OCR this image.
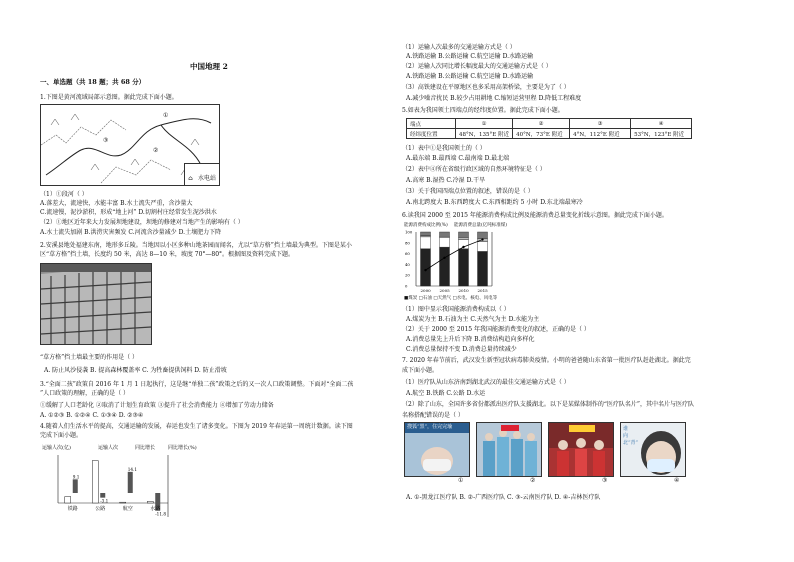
中国地理 2
一、单选题（共 18 题；共 68 分）
1.下图是黄河流域局部示意图。据此完成下面小题。
①
②
③
⌂ 水电站
（1）①段河（ ）
A.落差大，流速快，水能丰富 B.水土流失严重，含沙量大
C.流速慢，泥沙淤积，形成“地上河” D.切割村庄经常发生泥沙洪水
（2）①地区近年来大力发展坝地建设，坝地的修建对当地产生的影响有（ ）
A.水土流失加剧 B.洪涝灾害频发 C.河流含沙量减少 D.土壤肥力下降
2.安溪县地处福建东南，地形多丘陵。当地因以小区多种山地茶园而闻名，尤以“草方格”挡土墙最为典型。下图是某小
区“草方格”挡土墙，长度约 50 米，高达 8—10 米，坡度 70°—80°。根据图及资料完成下题。
“草方格”挡土墙最主要的作用是（ ）
A. 防止风沙侵袭 B. 提高森林覆盖率 C. 为牲畜提供饲料 D. 防止滑坡
3.“全面二孩”政策自 2016 年 1 月 1 日起执行，这是继“单独二孩”政策之后的又一次人口政策调整。下面对“全面二孩
”人口政策的理解，正确的是（ ）
①缓解了人口老龄化 ②取消了计划生育政策 ③提升了社会消费能力 ④增加了劳动力储备
A. ①②③ B. ①②④ C. ①③④ D. ②③④
4.随着人们生活水平的提高，交通运输的发展，春运也发生了诸多变化。下图为 2019 年春运第一周统计数据。读下图
完成下面小题。
运输人次(亿)	运输人次	同比增长	同比增长(%)
铁路
9.1
公路
-3.1
航空
14.1
水路
-11.8
（1）运输人次最多的交通运输方式是（ ）
A.铁路运输 B.公路运输 C.航空运输 D.水路运输
（2）运输人次同比增长幅度最大的交通运输方式是（ ）
A.铁路运输 B.公路运输 C.航空运输 D.水路运输
（3）高铁建设在平原地区也多采用高架桥梁，主要是为了（ ）
A.减少噪音扰民 B.较少占用耕地 C.缩短运营里程 D.降低工程难度
5.如表为我国领土四端点的经纬度位置。据此完成下面小题。
端点	①	②	③	④
经纬度位置	48°N，135°E 附近	40°N，73°E 附近	4°N，112°E 附近	53°N，123°E 附近
（1）表中①是我国领土的（ ）
A.最东端 B.最西端 C.最南端 D.最北端
（2）表中④所在省级行政区域的自然环境特征是（ ）
A.高寒 B.湿热 C.冷湿 D.干旱
（3）关于我国四端点位置的叙述，错误的是（ ）
A.南北跨度大 B.东西跨度大 C.东西相距约 5 小时 D.东北端最寒冷
6.读我国 2000 至 2015 年能源消费构成比例及能源消费总量变化折线示意图。据此完成下面小题。
能源消费构成比例(%) 能源消费总量(亿吨标准煤)
0
20
40
60
80
100
2000 2005 2010 2015
■煤炭 □石油 □天然气 □水电、核电、风电等
（1）图中显示我国能源消费构成以（ ）
A.煤炭为主 B.石油为主 C.天然气为主 D.水能为主
（2）关于 2000 至 2015 年我国能源消费变化的叙述，正确的是（ ）
A.消费总量先上升后下降 B.消费结构趋向多样化
C.消费总量保持不变 D.消费总量持续减少
7. 2020 年春节前后，武汉发生新型冠状病毒肺炎疫情。小明的爸爸随山东省第一批医疗队赶赴湖北。据此完
成下面小题。
（1）医疗队从山东济南到湖北武汉的最佳交通运输方式是（ ）
A.航空 B.铁路 C.公路 D.水运
（2）除了山东，全国许多省份都派出医疗队支援湖北。以下是某媒体制作的“医疗队名片”，其中名片与医疗队
名称搭配错误的是（ ）
搜狐“黑”，住完完瑜	谁向北“青”
①	②	③	④
A. ①-黑龙江医疗队 B. ②-广西医疗队 C. ③-云南医疗队 D. ④-吉林医疗队
